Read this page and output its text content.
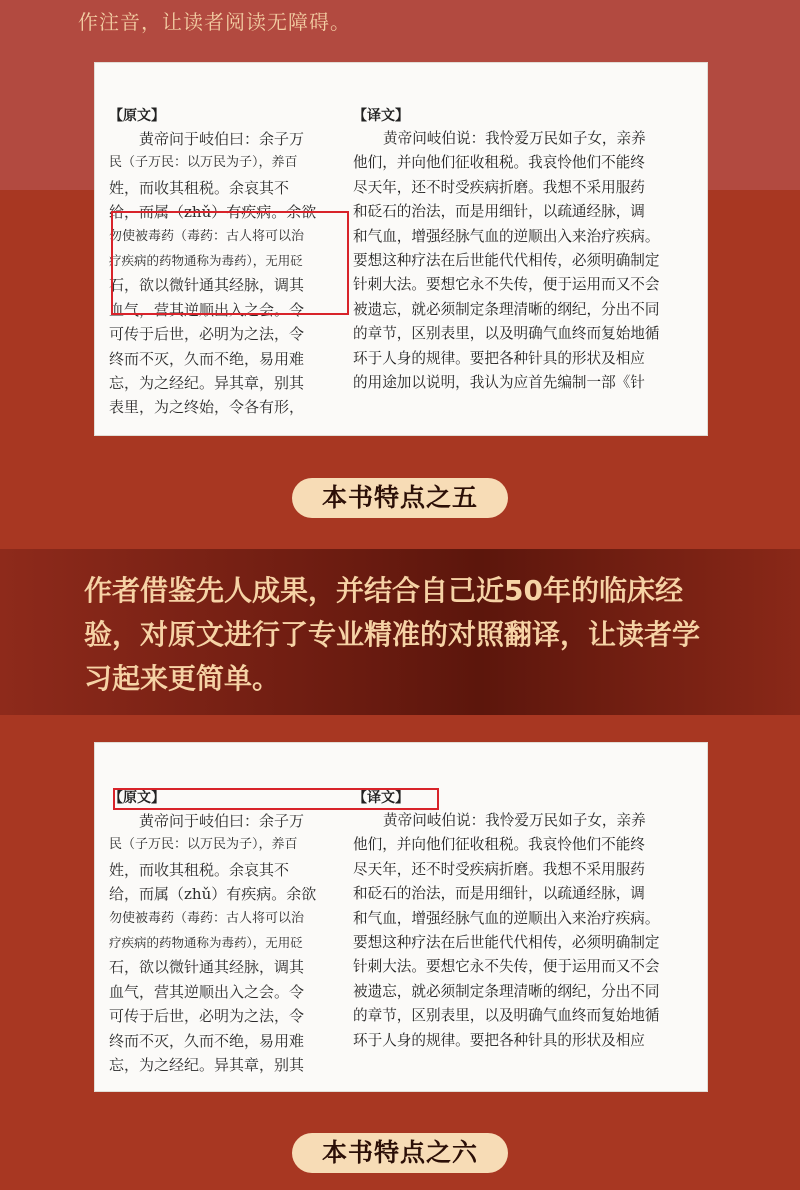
作注音，让读者阅读无障碍。
【原文】
黄帝问于岐伯曰：余子万
民（子万民：以万民为子），养百
姓，而收其租税。余哀其不
给，而属（zhǔ）有疾病。余欲
勿使被毒药（毒药：古人将可以治
疗疾病的药物通称为毒药），无用砭
石，欲以微针通其经脉，调其
血气，营其逆顺出入之会。令
可传于后世，必明为之法，令
终而不灭，久而不绝，易用难
忘，为之经纪。异其章，别其
表里，为之终始，令各有形，
【译文】
黄帝问岐伯说：我怜爱万民如子女，亲养
他们，并向他们征收租税。我哀怜他们不能终
尽天年，还不时受疾病折磨。我想不采用服药
和砭石的治法，而是用细针，以疏通经脉，调
和气血，增强经脉气血的逆顺出入来治疗疾病。
要想这种疗法在后世能代代相传，必须明确制定
针刺大法。要想它永不失传，便于运用而又不会
被遗忘，就必须制定条理清晰的纲纪，分出不同
的章节，区别表里，以及明确气血终而复始地循
环于人身的规律。要把各种针具的形状及相应
的用途加以说明，我认为应首先编制一部《针
本书特点之五
作者借鉴先人成果，并结合自己近50年的临床经验，对原文进行了专业精准的对照翻译，让读者学习起来更简单。
【原文】
黄帝问于岐伯曰：余子万
民（子万民：以万民为子），养百
姓，而收其租税。余哀其不
给，而属（zhǔ）有疾病。余欲
勿使被毒药（毒药：古人将可以治
疗疾病的药物通称为毒药），无用砭
石，欲以微针通其经脉，调其
血气，营其逆顺出入之会。令
可传于后世，必明为之法，令
终而不灭，久而不绝，易用难
忘，为之经纪。异其章，别其
【译文】
黄帝问岐伯说：我怜爱万民如子女，亲养
他们，并向他们征收租税。我哀怜他们不能终
尽天年，还不时受疾病折磨。我想不采用服药
和砭石的治法，而是用细针，以疏通经脉，调
和气血，增强经脉气血的逆顺出入来治疗疾病。
要想这种疗法在后世能代代相传，必须明确制定
针刺大法。要想它永不失传，便于运用而又不会
被遗忘，就必须制定条理清晰的纲纪，分出不同
的章节，区别表里，以及明确气血终而复始地循
环于人身的规律。要把各种针具的形状及相应
本书特点之六
